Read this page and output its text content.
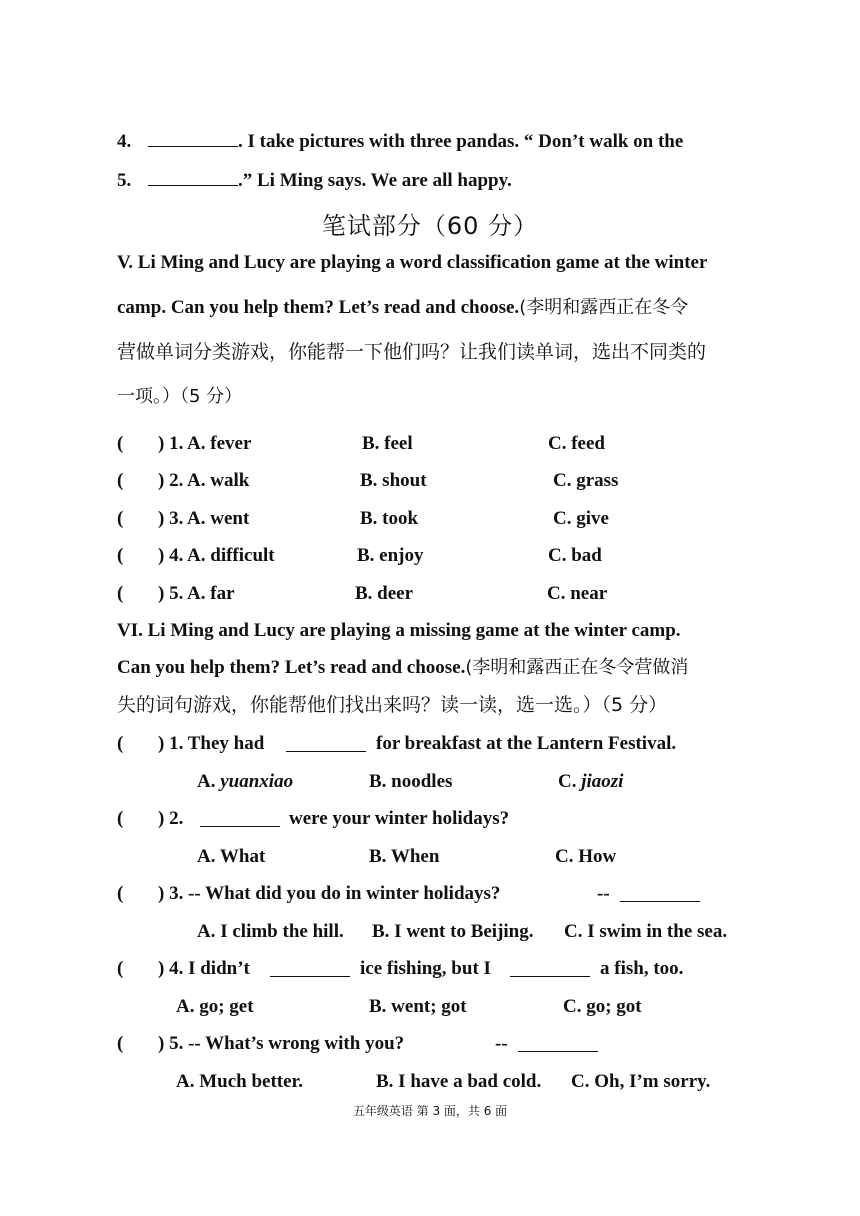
4.	. I take pictures with three pandas. “ Don’t walk on the
5.	.” Li Ming says. We are all happy.
笔试部分（60 分）
V. Li Ming and Lucy are playing a word classification game at the winter
camp. Can you help them? Let’s read and choose.(李明和露西正在冬令
营做单词分类游戏，你能帮一下他们吗？让我们读单词，选出不同类的
一项。）（5 分）
( ) 1. A. fever	B. feel	C. feed
( ) 2. A. walk	B. shout	C. grass
( ) 3. A. went	B. took	C. give
( ) 4. A. difficult	B. enjoy	C. bad
( ) 5. A. far	B. deer	C. near
VI. Li Ming and Lucy are playing a missing game at the winter camp.
Can you help them? Let’s read and choose.(李明和露西正在冬令营做消
失的词句游戏，你能帮他们找出来吗？读一读，选一选。）（5 分）
( ) 1. They had	for breakfast at the Lantern Festival.
A. yuanxiao	B. noodles	C. jiaozi
( ) 2.	were your winter holidays?
A. What	B. When	C. How
( ) 3. -- What did you do in winter holidays?	--
A. I climb the hill. B. I went to Beijing. C. I swim in the sea.
( ) 4. I didn’t	ice fishing, but I	a fish, too.
A. go; get	B. went; got	C. go; got
( ) 5. -- What’s wrong with you?	--
A. Much better.	B. I have a bad cold. C. Oh, I’m sorry.
五年级英语 第 3 面，共 6 面
